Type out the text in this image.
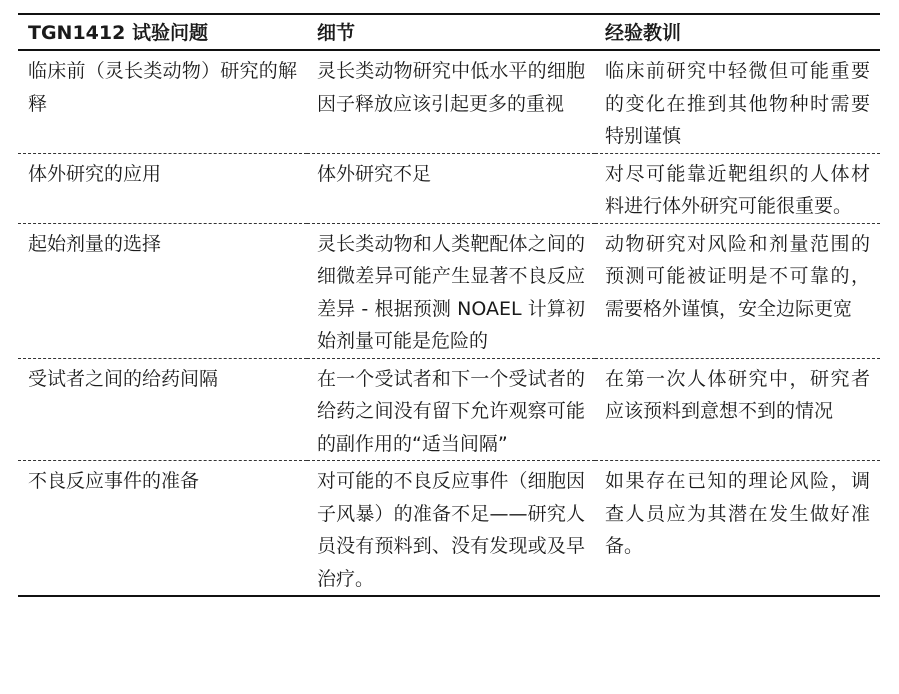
TGN1412 试验问题	细节	经验教训
临床前（灵长类动物）研究的解释	灵长类动物研究中低水平的细胞因子释放应该引起更多的重视	临床前研究中轻微但可能重要的变化在推到其他物种时需要特别谨慎
体外研究的应用	体外研究不足	对尽可能靠近靶组织的人体材料进行体外研究可能很重要。
起始剂量的选择	灵长类动物和人类靶配体之间的细微差异可能产生显著不良反应差异 - 根据预测 NOAEL 计算初始剂量可能是危险的	动物研究对风险和剂量范围的预测可能被证明是不可靠的，需要格外谨慎，安全边际更宽
受试者之间的给药间隔	在一个受试者和下一个受试者的给药之间没有留下允许观察可能的副作用的“适当间隔”	在第一次人体研究中，研究者应该预料到意想不到的情况
不良反应事件的准备	对可能的不良反应事件（细胞因子风暴）的准备不足——研究人员没有预料到、没有发现或及早治疗。	如果存在已知的理论风险，调查人员应为其潜在发生做好准备。
